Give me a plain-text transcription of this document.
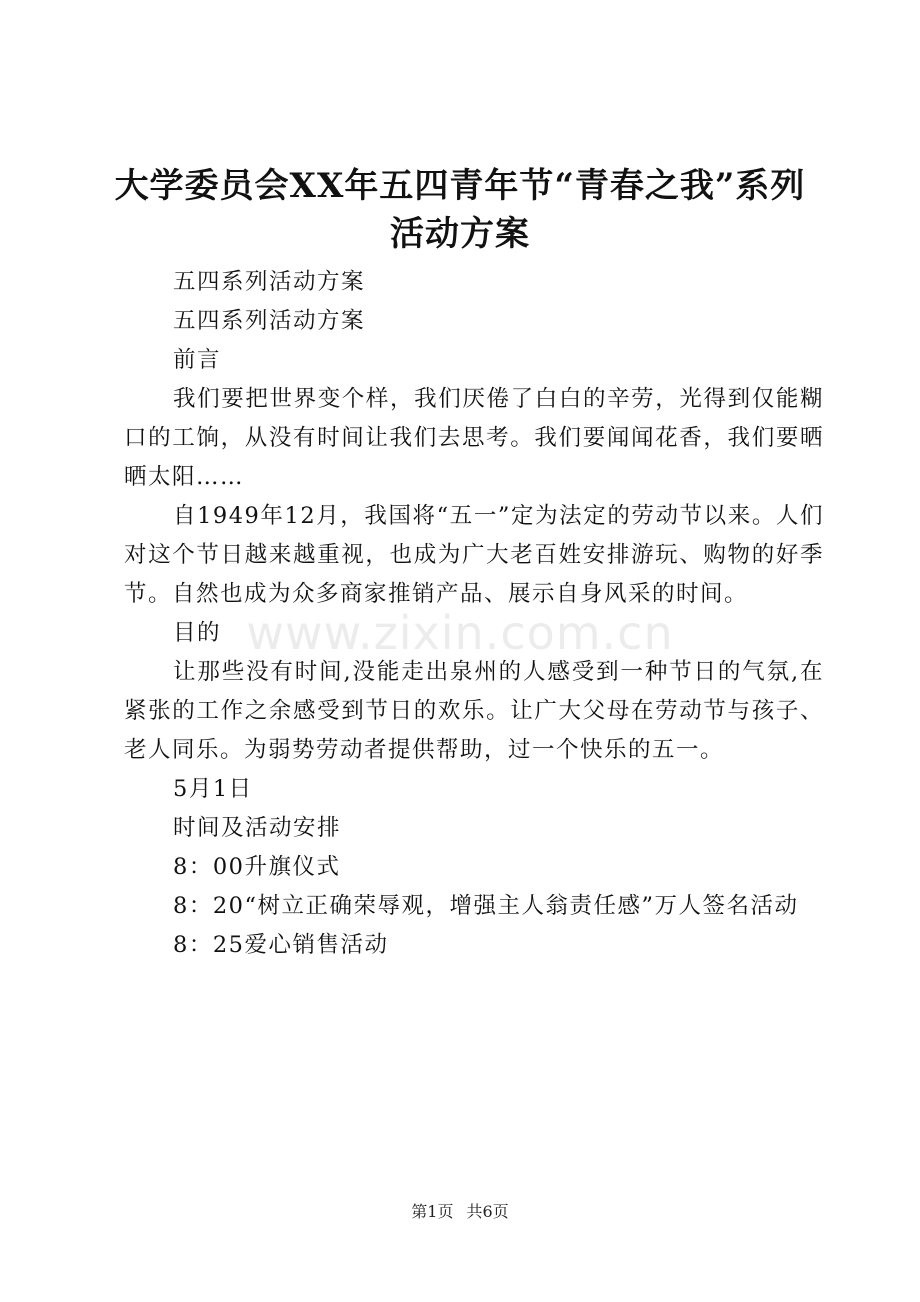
大学委员会XX年五四青年节“青春之我”系列活动方案

五四系列活动方案

五四系列活动方案

前言

我们要把世界变个样，我们厌倦了白白的辛劳，光得到仅能糊口的工饷，从没有时间让我们去思考。我们要闻闻花香，我们要晒晒太阳……

自1949年12月，我国将“五一”定为法定的劳动节以来。人们对这个节日越来越重视，也成为广大老百姓安排游玩、购物的好季节。自然也成为众多商家推销产品、展示自身风采的时间。

目的

让那些没有时间,没能走出泉州的人感受到一种节日的气氛,在紧张的工作之余感受到节日的欢乐。让广大父母在劳动节与孩子、老人同乐。为弱势劳动者提供帮助，过一个快乐的五一。

5月1日

时间及活动安排

8：00升旗仪式

8：20“树立正确荣辱观，增强主人翁责任感”万人签名活动

8：25爱心销售活动

www.zixin.com.cn
第1页 共6页
